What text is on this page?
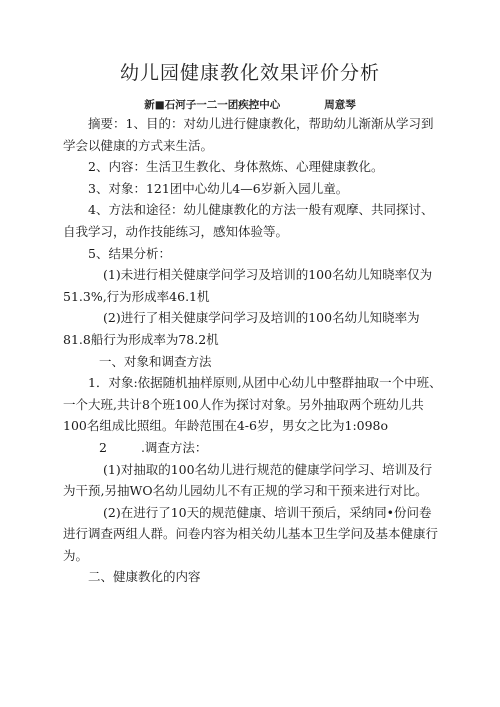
幼儿园健康教化效果评价分析
新■石河子一二一团疾控中心	周意琴

摘要：1、目的：对幼儿进行健康教化，帮助幼儿渐渐从学习到学会以健康的方式来生活。

2、内容：生活卫生教化、身体熬炼、心理健康教化。

3、对象：121团中心幼儿4—6岁新入园儿童。

4、方法和途径：幼儿健康教化的方法一般有观摩、共同探讨、自我学习，动作技能练习，感知体验等。

5、结果分析：

(1)未进行相关健康学问学习及培训的100名幼儿知晓率仅为51.3%,行为形成率46.1机

(2)进行了相关健康学问学习及培训的100名幼儿知晓率为81.8船行为形成率为78.2机

一、对象和调查方法

1．对象:依据随机抽样原则,从团中心幼儿中整群抽取一个中班、一个大班,共计8个班100人作为探讨对象。另外抽取两个班幼儿共100名组成比照组。年龄范围在4-6岁，男女之比为1:098o

2	.调查方法：

(1)对抽取的100名幼儿进行规范的健康学问学习、培训及行为干预,另抽WO名幼儿园幼儿不有正规的学习和干预来进行对比。

(2)在进行了10天的规范健康、培训干预后，采纳同•份问卷进行调查两组人群。问卷内容为相关幼儿基本卫生学问及基本健康行为。

二、健康教化的内容
